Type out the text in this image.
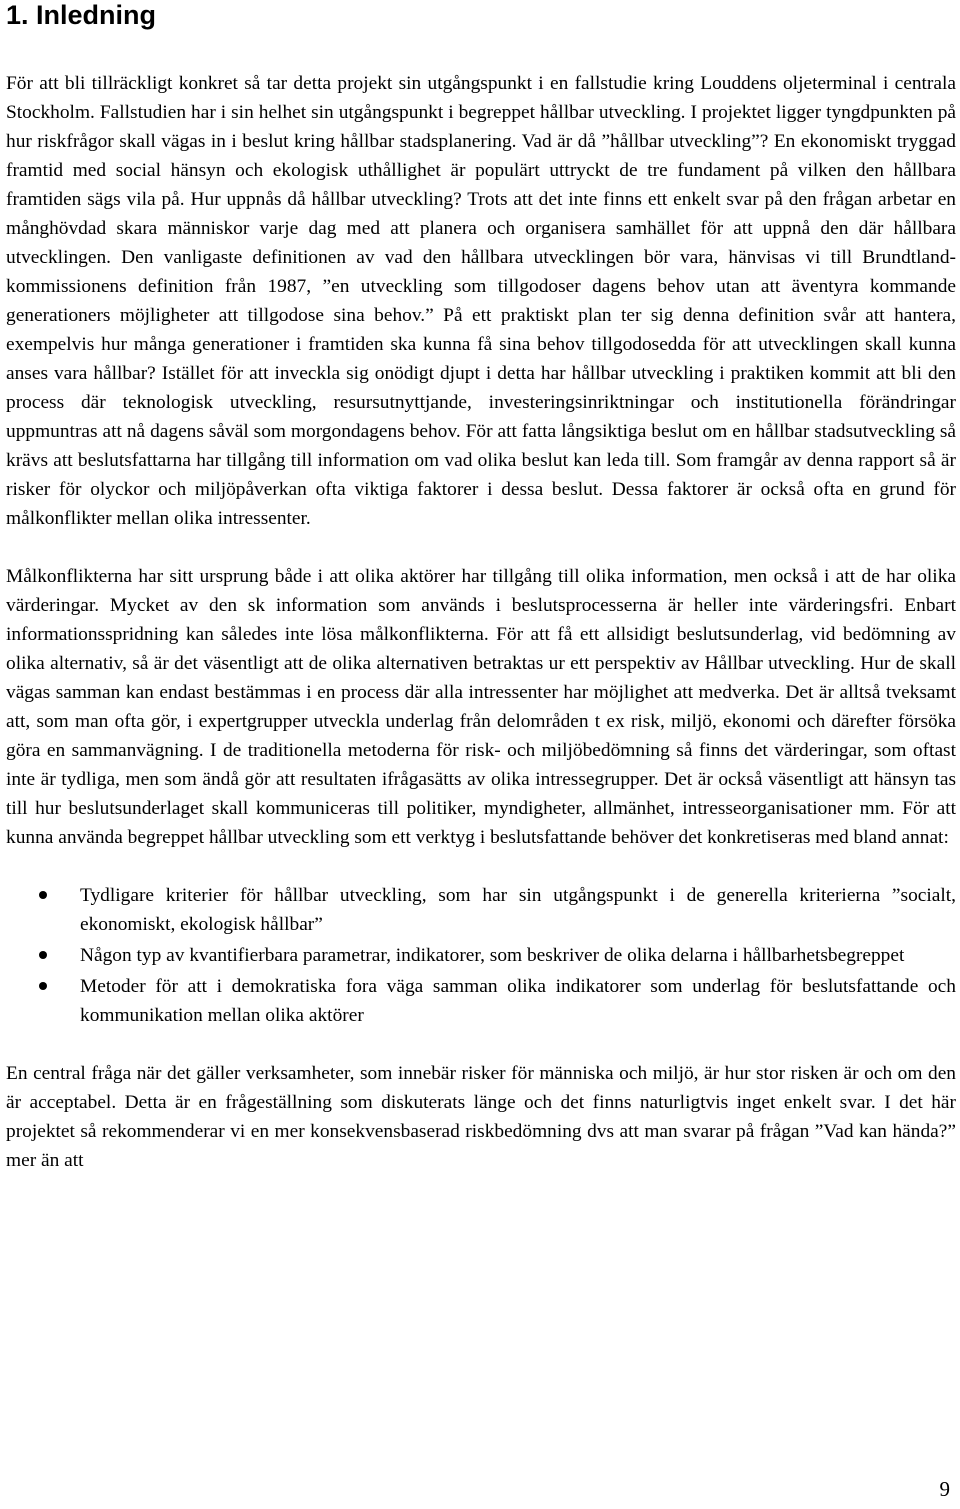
1. Inledning

För att bli tillräckligt konkret så tar detta projekt sin utgångspunkt i en fallstudie kring Louddens oljeterminal i centrala Stockholm. Fallstudien har i sin helhet sin utgångspunkt i begreppet hållbar utveckling. I projektet ligger tyngdpunkten på hur riskfrågor skall vägas in i beslut kring hållbar stadsplanering. Vad är då ”hållbar utveckling”? En ekonomiskt tryggad framtid med social hänsyn och ekologisk uthållighet är populärt uttryckt de tre fundament på vilken den hållbara framtiden sägs vila på. Hur uppnås då hållbar utveckling? Trots att det inte finns ett enkelt svar på den frågan arbetar en månghövdad skara människor varje dag med att planera och organisera samhället för att uppnå den där hållbara utvecklingen. Den vanligaste definitionen av vad den hållbara utvecklingen bör vara, hänvisas vi till Brundtland-kommissionens definition från 1987, ”en utveckling som tillgodoser dagens behov utan att äventyra kommande generationers möjligheter att tillgodose sina behov.” På ett praktiskt plan ter sig denna definition svår att hantera, exempelvis hur många generationer i framtiden ska kunna få sina behov tillgodosedda för att utvecklingen skall kunna anses vara hållbar? Istället för att inveckla sig onödigt djupt i detta har hållbar utveckling i praktiken kommit att bli den process där teknologisk utveckling, resursutnyttjande, investeringsinriktningar och institutionella förändringar uppmuntras att nå dagens såväl som morgondagens behov. För att fatta långsiktiga beslut om en hållbar stadsutveckling så krävs att beslutsfattarna har tillgång till information om vad olika beslut kan leda till. Som framgår av denna rapport så är risker för olyckor och miljöpåverkan ofta viktiga faktorer i dessa beslut. Dessa faktorer är också ofta en grund för målkonflikter mellan olika intressenter.

Målkonflikterna har sitt ursprung både i att olika aktörer har tillgång till olika information, men också i att de har olika värderingar. Mycket av den sk information som används i beslutsprocesserna är heller inte värderingsfri. Enbart informationsspridning kan således inte lösa målkonflikterna. För att få ett allsidigt beslutsunderlag, vid bedömning av olika alternativ, så är det väsentligt att de olika alternativen betraktas ur ett perspektiv av Hållbar utveckling. Hur de skall vägas samman kan endast bestämmas i en process där alla intressenter har möjlighet att medverka. Det är alltså tveksamt att, som man ofta gör, i expertgrupper utveckla underlag från delområden t ex risk, miljö, ekonomi och därefter försöka göra en sammanvägning. I de traditionella metoderna för risk- och miljöbedömning så finns det värderingar, som oftast inte är tydliga, men som ändå gör att resultaten ifrågasätts av olika intressegrupper. Det är också väsentligt att hänsyn tas till hur beslutsunderlaget skall kommuniceras till politiker, myndigheter, allmänhet, intresseorganisationer mm. För att kunna använda begreppet hållbar utveckling som ett verktyg i beslutsfattande behöver det konkretiseras med bland annat:

Tydligare kriterier för hållbar utveckling, som har sin utgångspunkt i de generella kriterierna ”socialt, ekonomiskt, ekologisk hållbar”
Någon typ av kvantifierbara parametrar, indikatorer, som beskriver de olika delarna i hållbarhetsbegreppet
Metoder för att i demokratiska fora väga samman olika indikatorer som underlag för beslutsfattande och kommunikation mellan olika aktörer

En central fråga när det gäller verksamheter, som innebär risker för människa och miljö, är hur stor risken är och om den är acceptabel. Detta är en frågeställning som diskuterats länge och det finns naturligtvis inget enkelt svar. I det här projektet så rekommenderar vi en mer konsekvensbaserad riskbedömning dvs att man svarar på frågan ”Vad kan hända?” mer än att

9
